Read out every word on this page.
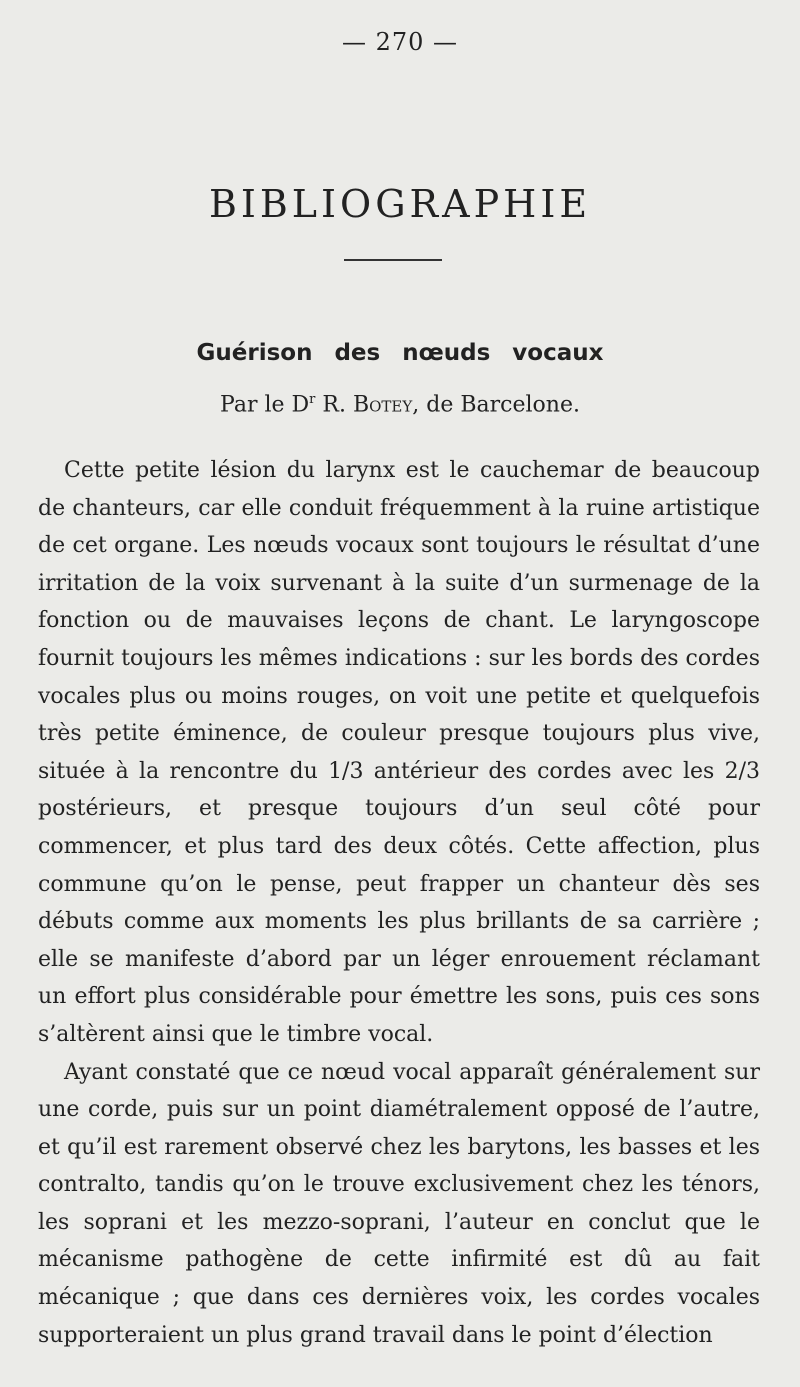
— 270 —
BIBLIOGRAPHIE
Guérison des nœuds vocaux

Par le $D^r$ R. Botey, de Barcelone.

Cette petite lésion du larynx est le cauchemar de beaucoup de chanteurs, car elle conduit fréquemment à la ruine artistique de cet organe. Les nœuds vocaux sont toujours le résultat d’une irritation de la voix survenant à la suite d’un surmenage de la fonction ou de mauvaises leçons de chant. Le laryngoscope fournit toujours les mêmes indications : sur les bords des cordes vocales plus ou moins rouges, on voit une petite et quelquefois très petite éminence, de couleur presque toujours plus vive, située à la rencontre du 1/3 antérieur des cordes avec les 2/3 postérieurs, et presque toujours d’un seul côté pour commencer, et plus tard des deux côtés. Cette affection, plus commune qu’on le pense, peut frapper un chanteur dès ses débuts comme aux moments les plus brillants de sa carrière ; elle se manifeste d’abord par un léger enrouement réclamant un effort plus considérable pour émettre les sons, puis ces sons s’altèrent ainsi que le timbre vocal.

Ayant constaté que ce nœud vocal apparaît généralement sur une corde, puis sur un point diamétralement opposé de l’autre, et qu’il est rarement observé chez les barytons, les basses et les contralto, tandis qu’on le trouve exclusivement chez les ténors, les soprani et les mezzo-soprani, l’auteur en conclut que le mécanisme pathogène de cette infirmité est dû au fait mécanique ; que dans ces dernières voix, les cordes vocales supporteraient un plus grand travail dans le point d’élection
